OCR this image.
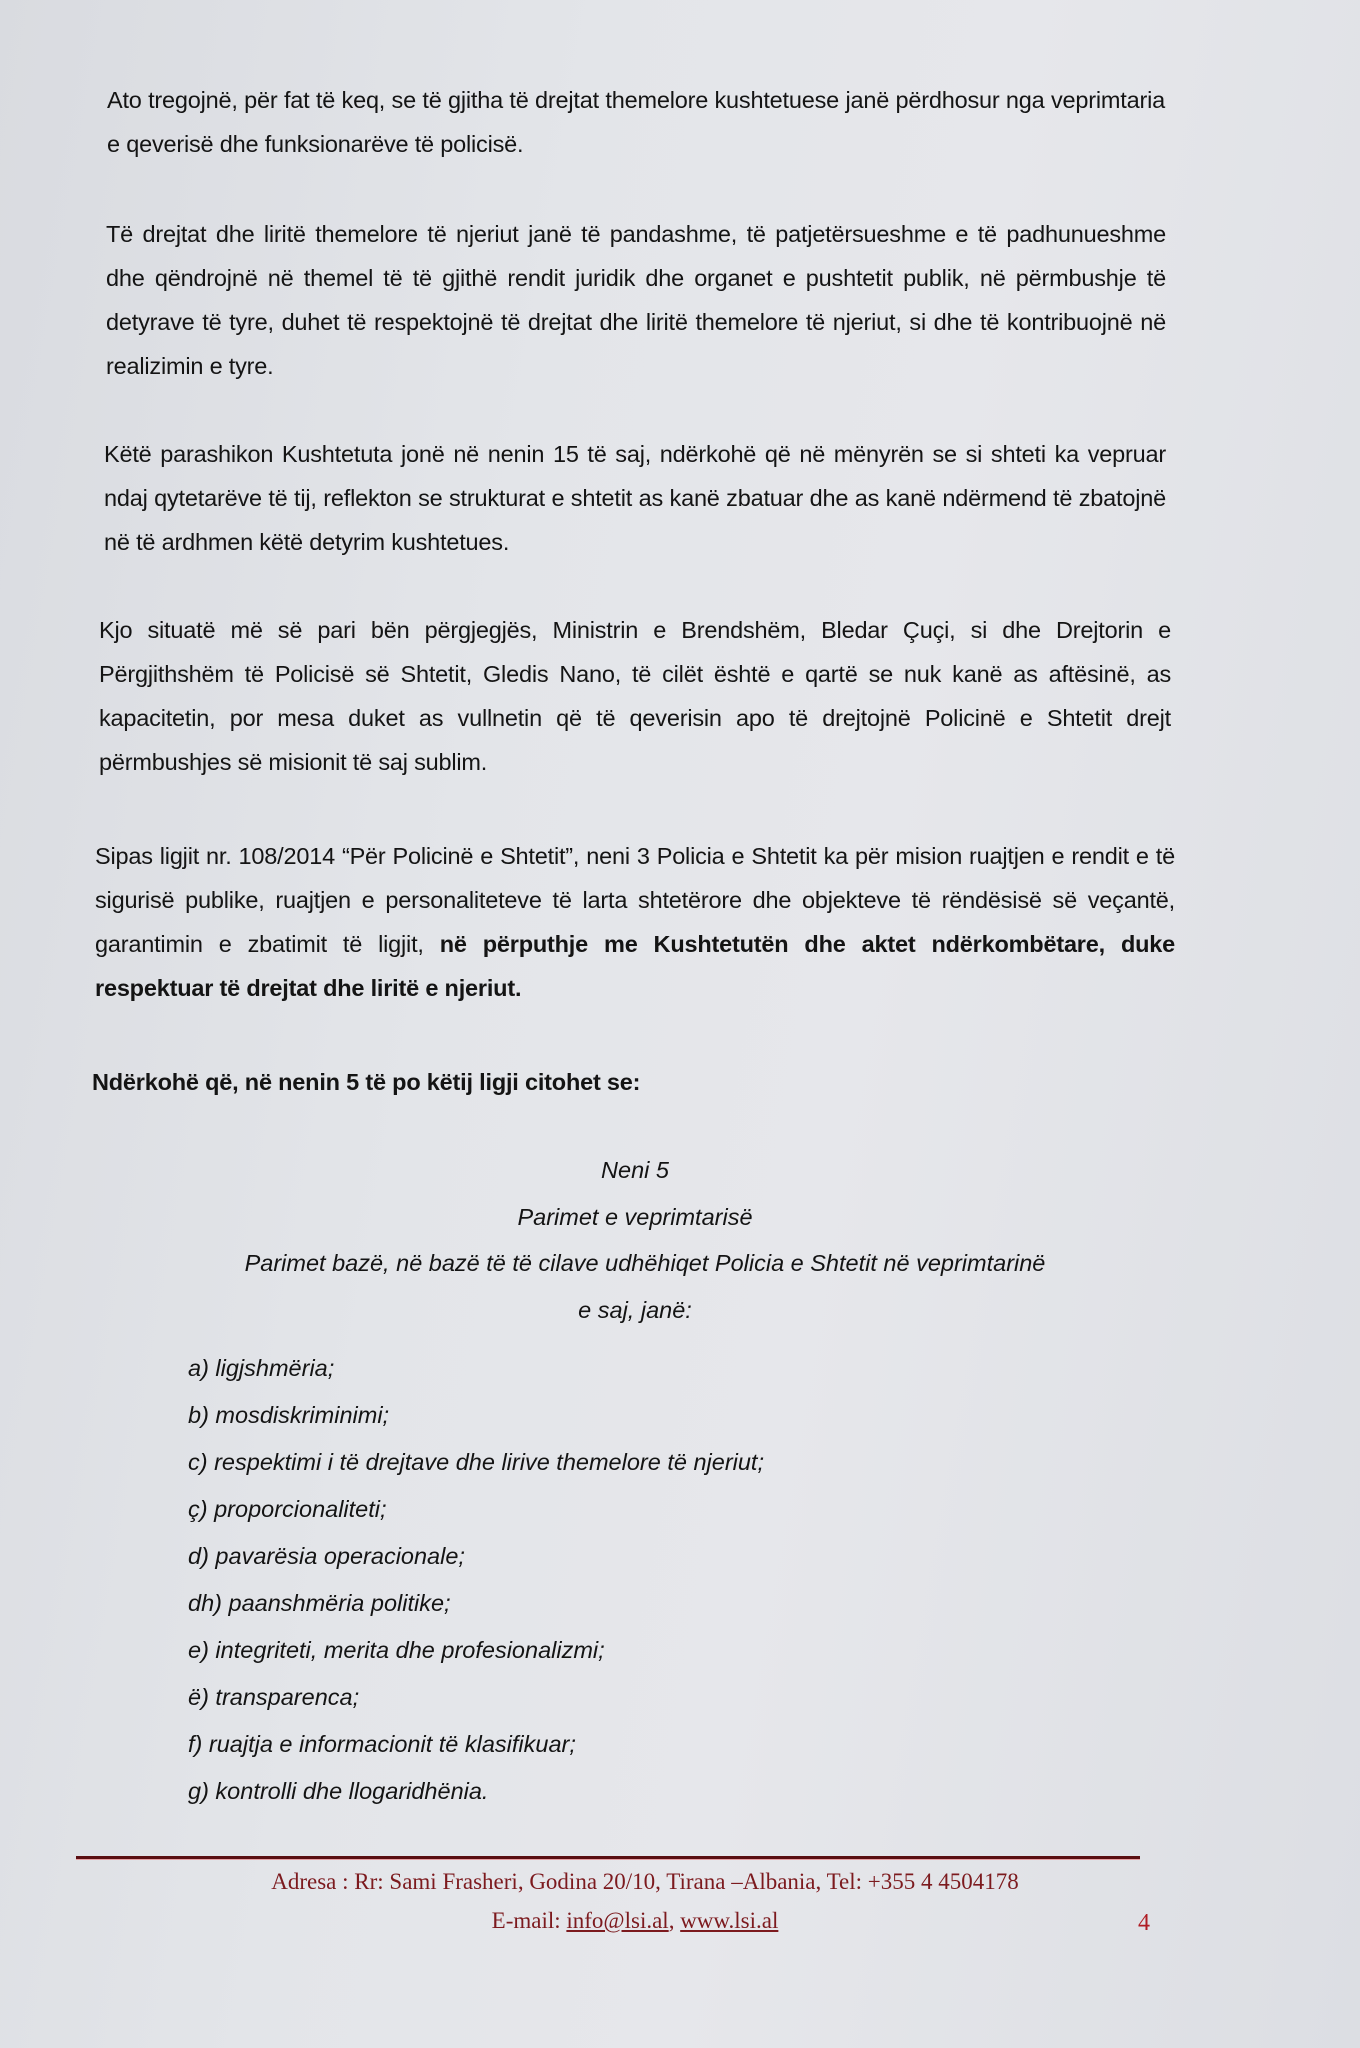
Ato tregojnë, për fat të keq, se të gjitha të drejtat themelore kushtetuese janë përdhosur nga veprimtaria e qeverisë dhe funksionarëve të policisë.

Të drejtat dhe liritë themelore të njeriut janë të pandashme, të patjetërsueshme e të padhunueshme dhe qëndrojnë në themel të të gjithë rendit juridik dhe organet e pushtetit publik, në përmbushje të detyrave të tyre, duhet të respektojnë të drejtat dhe liritë themelore të njeriut, si dhe të kontribuojnë në realizimin e tyre.

Këtë parashikon Kushtetuta jonë në nenin 15 të saj, ndërkohë që në mënyrën se si shteti ka vepruar ndaj qytetarëve të tij, reflekton se strukturat e shtetit as kanë zbatuar dhe as kanë ndërmend të zbatojnë në të ardhmen këtë detyrim kushtetues.

Kjo situatë më së pari bën përgjegjës, Ministrin e Brendshëm, Bledar Çuçi, si dhe Drejtorin e Përgjithshëm të Policisë së Shtetit, Gledis Nano, të cilët është e qartë se nuk kanë as aftësinë, as kapacitetin, por mesa duket as vullnetin që të qeverisin apo të drejtojnë Policinë e Shtetit drejt përmbushjes së misionit të saj sublim.

Sipas ligjit nr. 108/2014 “Për Policinë e Shtetit”, neni 3 Policia e Shtetit ka për mision ruajtjen e rendit e të sigurisë publike, ruajtjen e personaliteteve të larta shtetërore dhe objekteve të rëndësisë së veçantë, garantimin e zbatimit të ligjit, në përputhje me Kushtetutën dhe aktet ndërkombëtare, duke respektuar të drejtat dhe liritë e njeriut.

Ndërkohë që, në nenin 5 të po këtij ligji citohet se:

Neni 5
Parimet e veprimtarisë
Parimet bazë, në bazë të të cilave udhëhiqet Policia e Shtetit në veprimtarinë
e saj, janë:
a) ligjshmëria;
b) mosdiskriminimi;
c) respektimi i të drejtave dhe lirive themelore të njeriut;
ç) proporcionaliteti;
d) pavarësia operacionale;
dh) paanshmëria politike;
e) integriteti, merita dhe profesionalizmi;
ë) transparenca;
f) ruajtja e informacionit të klasifikuar;
g) kontrolli dhe llogaridhënia.
Adresa : Rr: Sami Frasheri, Godina 20/10, Tirana –Albania, Tel: +355 4 4504178
E-mail: info@lsi.al, www.lsi.al	4
